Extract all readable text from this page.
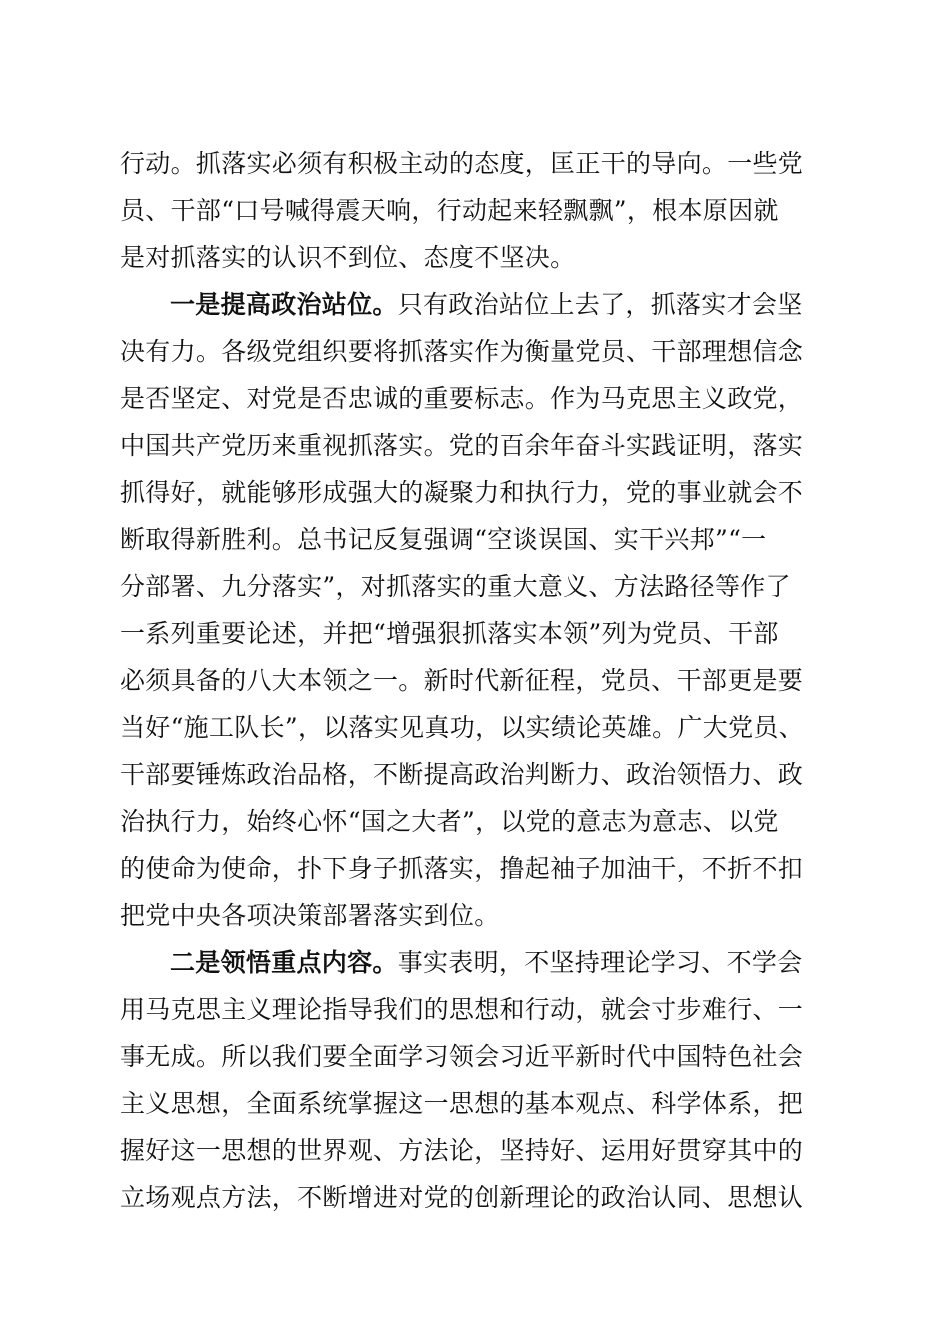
行动。抓落实必须有积极主动的态度，匡正干的导向。一些党
员、干部“口号喊得震天响，行动起来轻飘飘”，根本原因就
是对抓落实的认识不到位、态度不坚决。
一是提高政治站位。只有政治站位上去了，抓落实才会坚
决有力。各级党组织要将抓落实作为衡量党员、干部理想信念
是否坚定、对党是否忠诚的重要标志。作为马克思主义政党，
中国共产党历来重视抓落实。党的百余年奋斗实践证明，落实
抓得好，就能够形成强大的凝聚力和执行力，党的事业就会不
断取得新胜利。总书记反复强调“空谈误国、实干兴邦”“一
分部署、九分落实”，对抓落实的重大意义、方法路径等作了
一系列重要论述，并把“增强狠抓落实本领”列为党员、干部
必须具备的八大本领之一。新时代新征程，党员、干部更是要
当好“施工队长”，以落实见真功，以实绩论英雄。广大党员、
干部要锤炼政治品格，不断提高政治判断力、政治领悟力、政
治执行力，始终心怀“国之大者”，以党的意志为意志、以党
的使命为使命，扑下身子抓落实，撸起袖子加油干，不折不扣
把党中央各项决策部署落实到位。
二是领悟重点内容。事实表明，不坚持理论学习、不学会
用马克思主义理论指导我们的思想和行动，就会寸步难行、一
事无成。所以我们要全面学习领会习近平新时代中国特色社会
主义思想，全面系统掌握这一思想的基本观点、科学体系，把
握好这一思想的世界观、方法论，坚持好、运用好贯穿其中的
立场观点方法，不断增进对党的创新理论的政治认同、思想认
